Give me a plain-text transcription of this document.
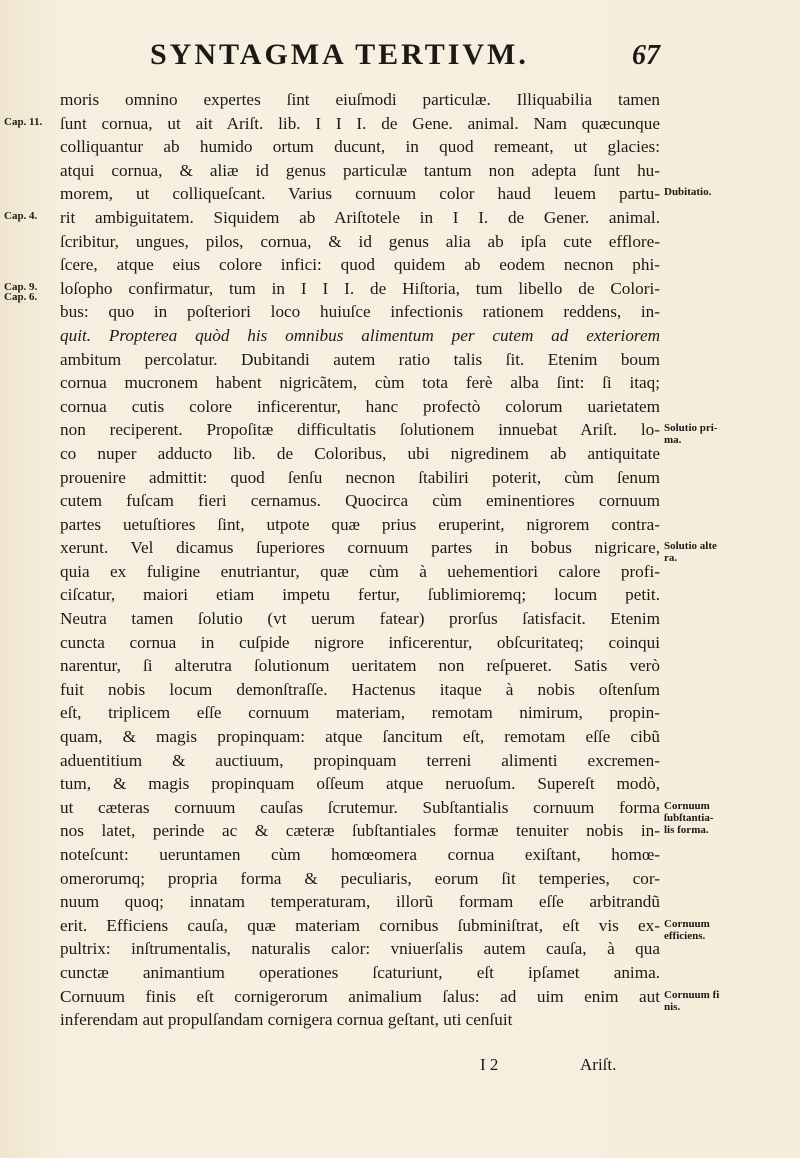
SYNTAGMA TERTIVM.	67
moris omnino expertes ſint eiuſmodi particulæ. Illiquabilia tamen
ſunt cornua, ut ait Ariſt. lib. I I I. de Gene. animal. Nam quæcunque
colliquantur ab humido ortum ducunt, in quod remeant, ut glacies:
atqui cornua, & aliæ id genus particulæ tantum non adepta ſunt hu-
morem, ut colliqueſcant. Varius cornuum color haud leuem partu-
rit ambiguitatem. Siquidem ab Ariſtotele in I I. de Gener. animal.
ſcribitur, ungues, pilos, cornua, & id genus alia ab ipſa cute efflore-
ſcere, atque eius colore infici: quod quidem ab eodem necnon phi-
loſopho confirmatur, tum in I I I. de Hiſtoria, tum libello de Colori-
bus: quo in poſteriori loco huiuſce infectionis rationem reddens, in-
quit. Propterea quòd his omnibus alimentum per cutem ad exteriorem
ambitum percolatur. Dubitandi autem ratio talis ſit. Etenim boum
cornua mucronem habent nigricãtem, cùm tota ferè alba ſint: ſi itaq;
cornua cutis colore inficerentur, hanc profectò colorum uarietatem
non reciperent. Propoſitæ difficultatis ſolutionem innuebat Ariſt. lo-
co nuper adducto lib. de Coloribus, ubi nigredinem ab antiquitate
prouenire admittit: quod ſenſu necnon ſtabiliri poterit, cùm ſenum
cutem fuſcam fieri cernamus. Quocirca cùm eminentiores cornuum
partes uetuſtiores ſint, utpote quæ prius eruperint, nigrorem contra-
xerunt. Vel dicamus ſuperiores cornuum partes in bobus nigricare,
quia ex fuligine enutriantur, quæ cùm à uehementiori calore profi-
ciſcatur, maiori etiam impetu fertur, ſublimioremq; locum petit.
Neutra tamen ſolutio (vt uerum fatear) prorſus ſatisfacit. Etenim
cuncta cornua in cuſpide nigrore inficerentur, obſcuritateq; coinqui
narentur, ſi alterutra ſolutionum ueritatem non reſpueret. Satis verò
fuit nobis locum demonſtraſſe. Hactenus itaque à nobis oſtenſum
eſt, triplicem eſſe cornuum materiam, remotam nimirum, propin-
quam, & magis propinquam: atque ſancitum eſt, remotam eſſe cibũ
aduentitium & auctiuum, propinquam terreni alimenti excremen-
tum, & magis propinquam oſſeum atque neruoſum. Supereſt modò,
ut cæteras cornuum cauſas ſcrutemur. Subſtantialis cornuum forma
nos latet, perinde ac & cæteræ ſubſtantiales formæ tenuiter nobis in-
noteſcunt: ueruntamen cùm homœomera cornua exiſtant, homœ-
omerorumq; propria forma & peculiaris, eorum ſit temperies, cor-
nuum quoq; innatam temperaturam, illorũ formam eſſe arbitrandũ
erit. Efficiens cauſa, quæ materiam cornibus ſubminiſtrat, eſt vis ex-
pultrix: inſtrumentalis, naturalis calor: vniuerſalis autem cauſa, à qua
cunctæ animantium operationes ſcaturiunt, eſt ipſamet anima.
Cornuum finis eſt cornigerorum animalium ſalus: ad uim enim aut
inferendam aut propulſandam cornigera cornua geſtant, uti cenſuit
Cap. 11.
Cap. 4.
Cap. 9.
Cap. 6.
Dubitatio.
Solutio pri-
ma.
Solutio alte
ra.
Cornuum
ſubſtantia-
lis forma.
Cornuum
efficiens.
Cornuum fi
nis.
I 2	Ariſt.
